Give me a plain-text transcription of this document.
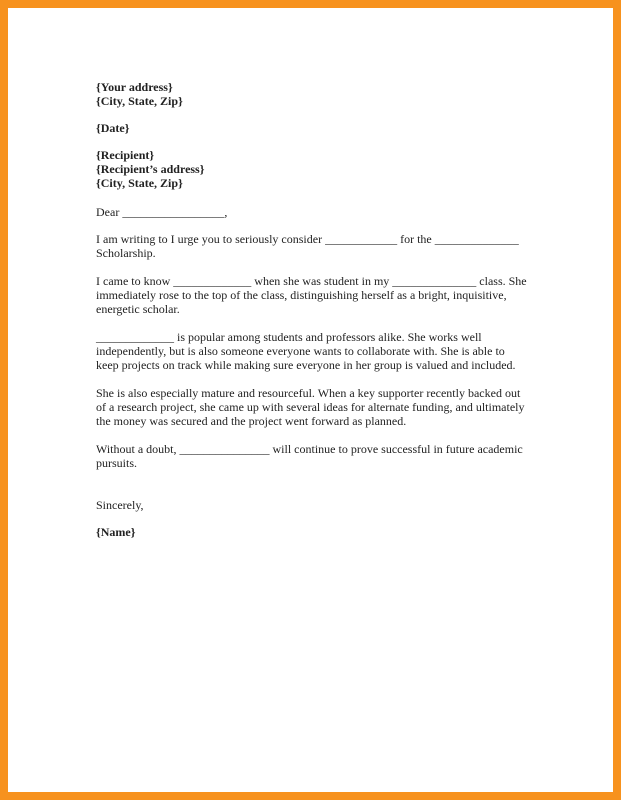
{Your address}
{City, State, Zip}
{Date}
{Recipient}
{Recipient’s address}
{City, State, Zip}
Dear _________________,
I am writing to I urge you to seriously consider ____________ for the ______________
Scholarship.
I came to know _____________ when she was student in my ______________ class. She
immediately rose to the top of the class, distinguishing herself as a bright, inquisitive,
energetic scholar.
_____________ is popular among students and professors alike. She works well
independently, but is also someone everyone wants to collaborate with. She is able to
keep projects on track while making sure everyone in her group is valued and included.
She is also especially mature and resourceful. When a key supporter recently backed out
of a research project, she came up with several ideas for alternate funding, and ultimately
the money was secured and the project went forward as planned.
Without a doubt, _______________ will continue to prove successful in future academic
pursuits.
Sincerely,
{Name}
